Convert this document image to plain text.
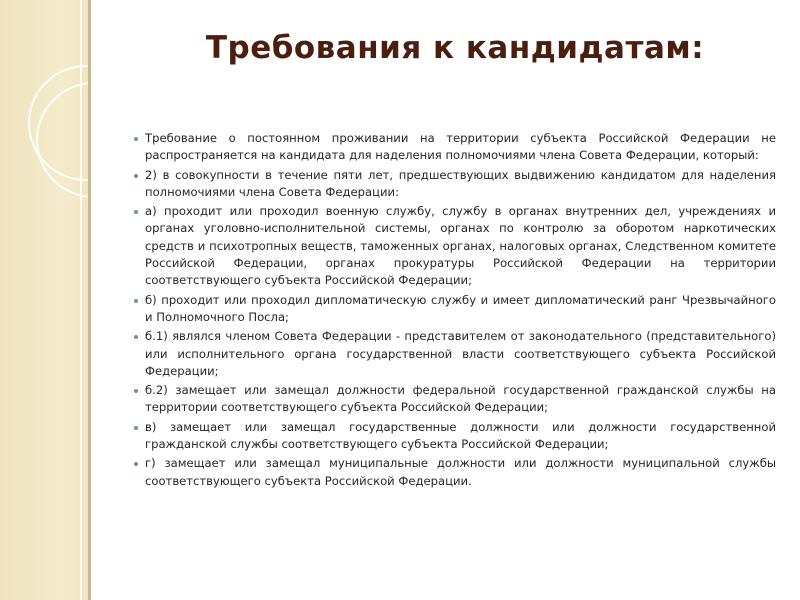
Требования к кандидатам:
Требование о постоянном проживании на территории субъекта Российской Федерации не распространяется на кандидата для наделения полномочиями члена Совета Федерации, который:
2) в совокупности в течение пяти лет, предшествующих выдвижению кандидатом для наделения полномочиями члена Совета Федерации:
а) проходит или проходил военную службу, службу в органах внутренних дел, учреждениях и органах уголовно-исполнительной системы, органах по контролю за оборотом наркотических средств и психотропных веществ, таможенных органах, налоговых органах, Следственном комитете Российской Федерации, органах прокуратуры Российской Федерации на территории соответствующего субъекта Российской Федерации;
б) проходит или проходил дипломатическую службу и имеет дипломатический ранг Чрезвычайного и Полномочного Посла;
б.1) являлся членом Совета Федерации - представителем от законодательного (представительного) или исполнительного органа государственной власти соответствующего субъекта Российской Федерации;
б.2) замещает или замещал должности федеральной государственной гражданской службы на территории соответствующего субъекта Российской Федерации;
в) замещает или замещал государственные должности или должности государственной гражданской службы соответствующего субъекта Российской Федерации;
г) замещает или замещал муниципальные должности или должности муниципальной службы соответствующего субъекта Российской Федерации.
